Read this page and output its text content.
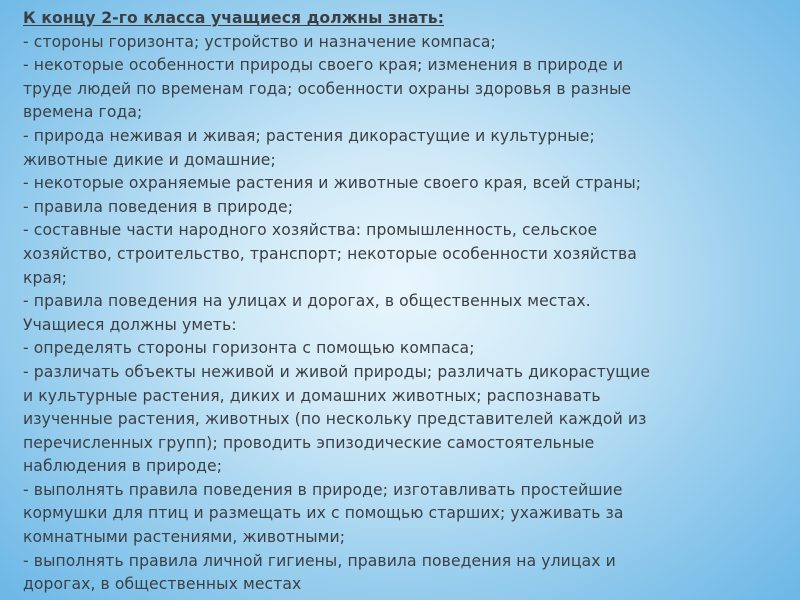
К концу 2-го класса учащиеся должны знать:
- стороны горизонта; устройство и назначение компаса;
- некоторые особенности природы своего края; изменения в природе и
труде людей по временам года; особенности охраны здоровья в разные
времена года;
- природа неживая и живая; растения дикорастущие и культурные;
животные дикие и домашние;
- некоторые охраняемые растения и животные своего края, всей страны;
- правила поведения в природе;
- составные части народного хозяйства: промышленность, сельское
хозяйство, строительство, транспорт; некоторые особенности хозяйства
края;
- правила поведения на улицах и дорогах, в общественных местах.
Учащиеся должны уметь:
- определять стороны горизонта с помощью компаса;
- различать объекты неживой и живой природы; различать дикорастущие
и культурные растения, диких и домашних животных; распознавать
изученные растения, животных (по нескольку представителей каждой из
перечисленных групп); проводить эпизодические самостоятельные
наблюдения в природе;
- выполнять правила поведения в природе; изготавливать простейшие
кормушки для птиц и размещать их с помощью старших; ухаживать за
комнатными растениями, животными;
- выполнять правила личной гигиены, правила поведения на улицах и
дорогах, в общественных местах
